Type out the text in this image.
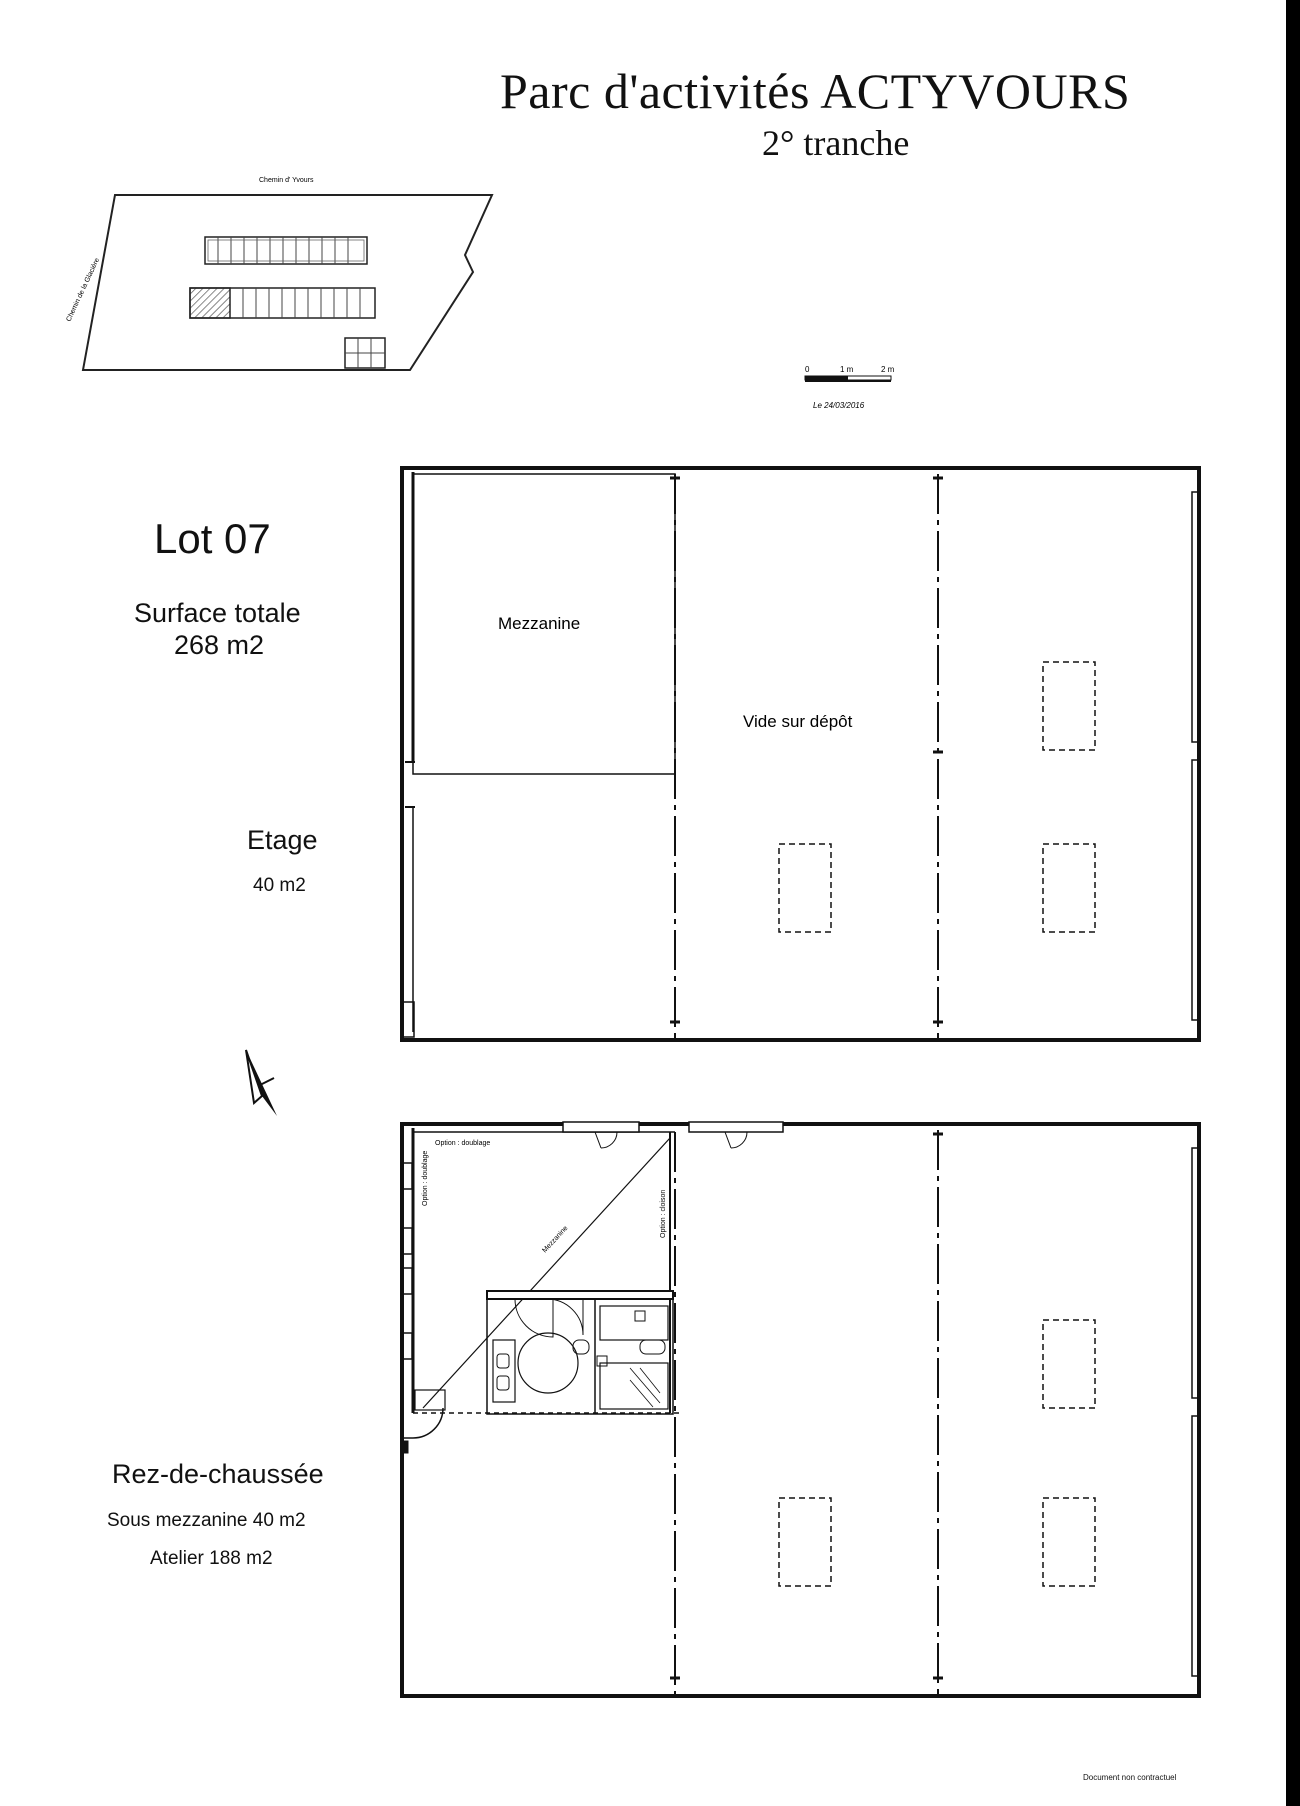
Parc d'activités ACTYVOURS
2° tranche
Lot 07
Surface totale
268 m2
Etage
40 m2
Rez-de-chaussée
Sous mezzanine 40 m2
Atelier 188 m2
Document non contractuel
Chemin d' Yvours
Chemin de la Glacière
0	1 m	2 m
Le 24/03/2016
Mezzanine
Vide sur dépôt
Option : doublage
Option : doublage
Option : cloison
Mezzanine
